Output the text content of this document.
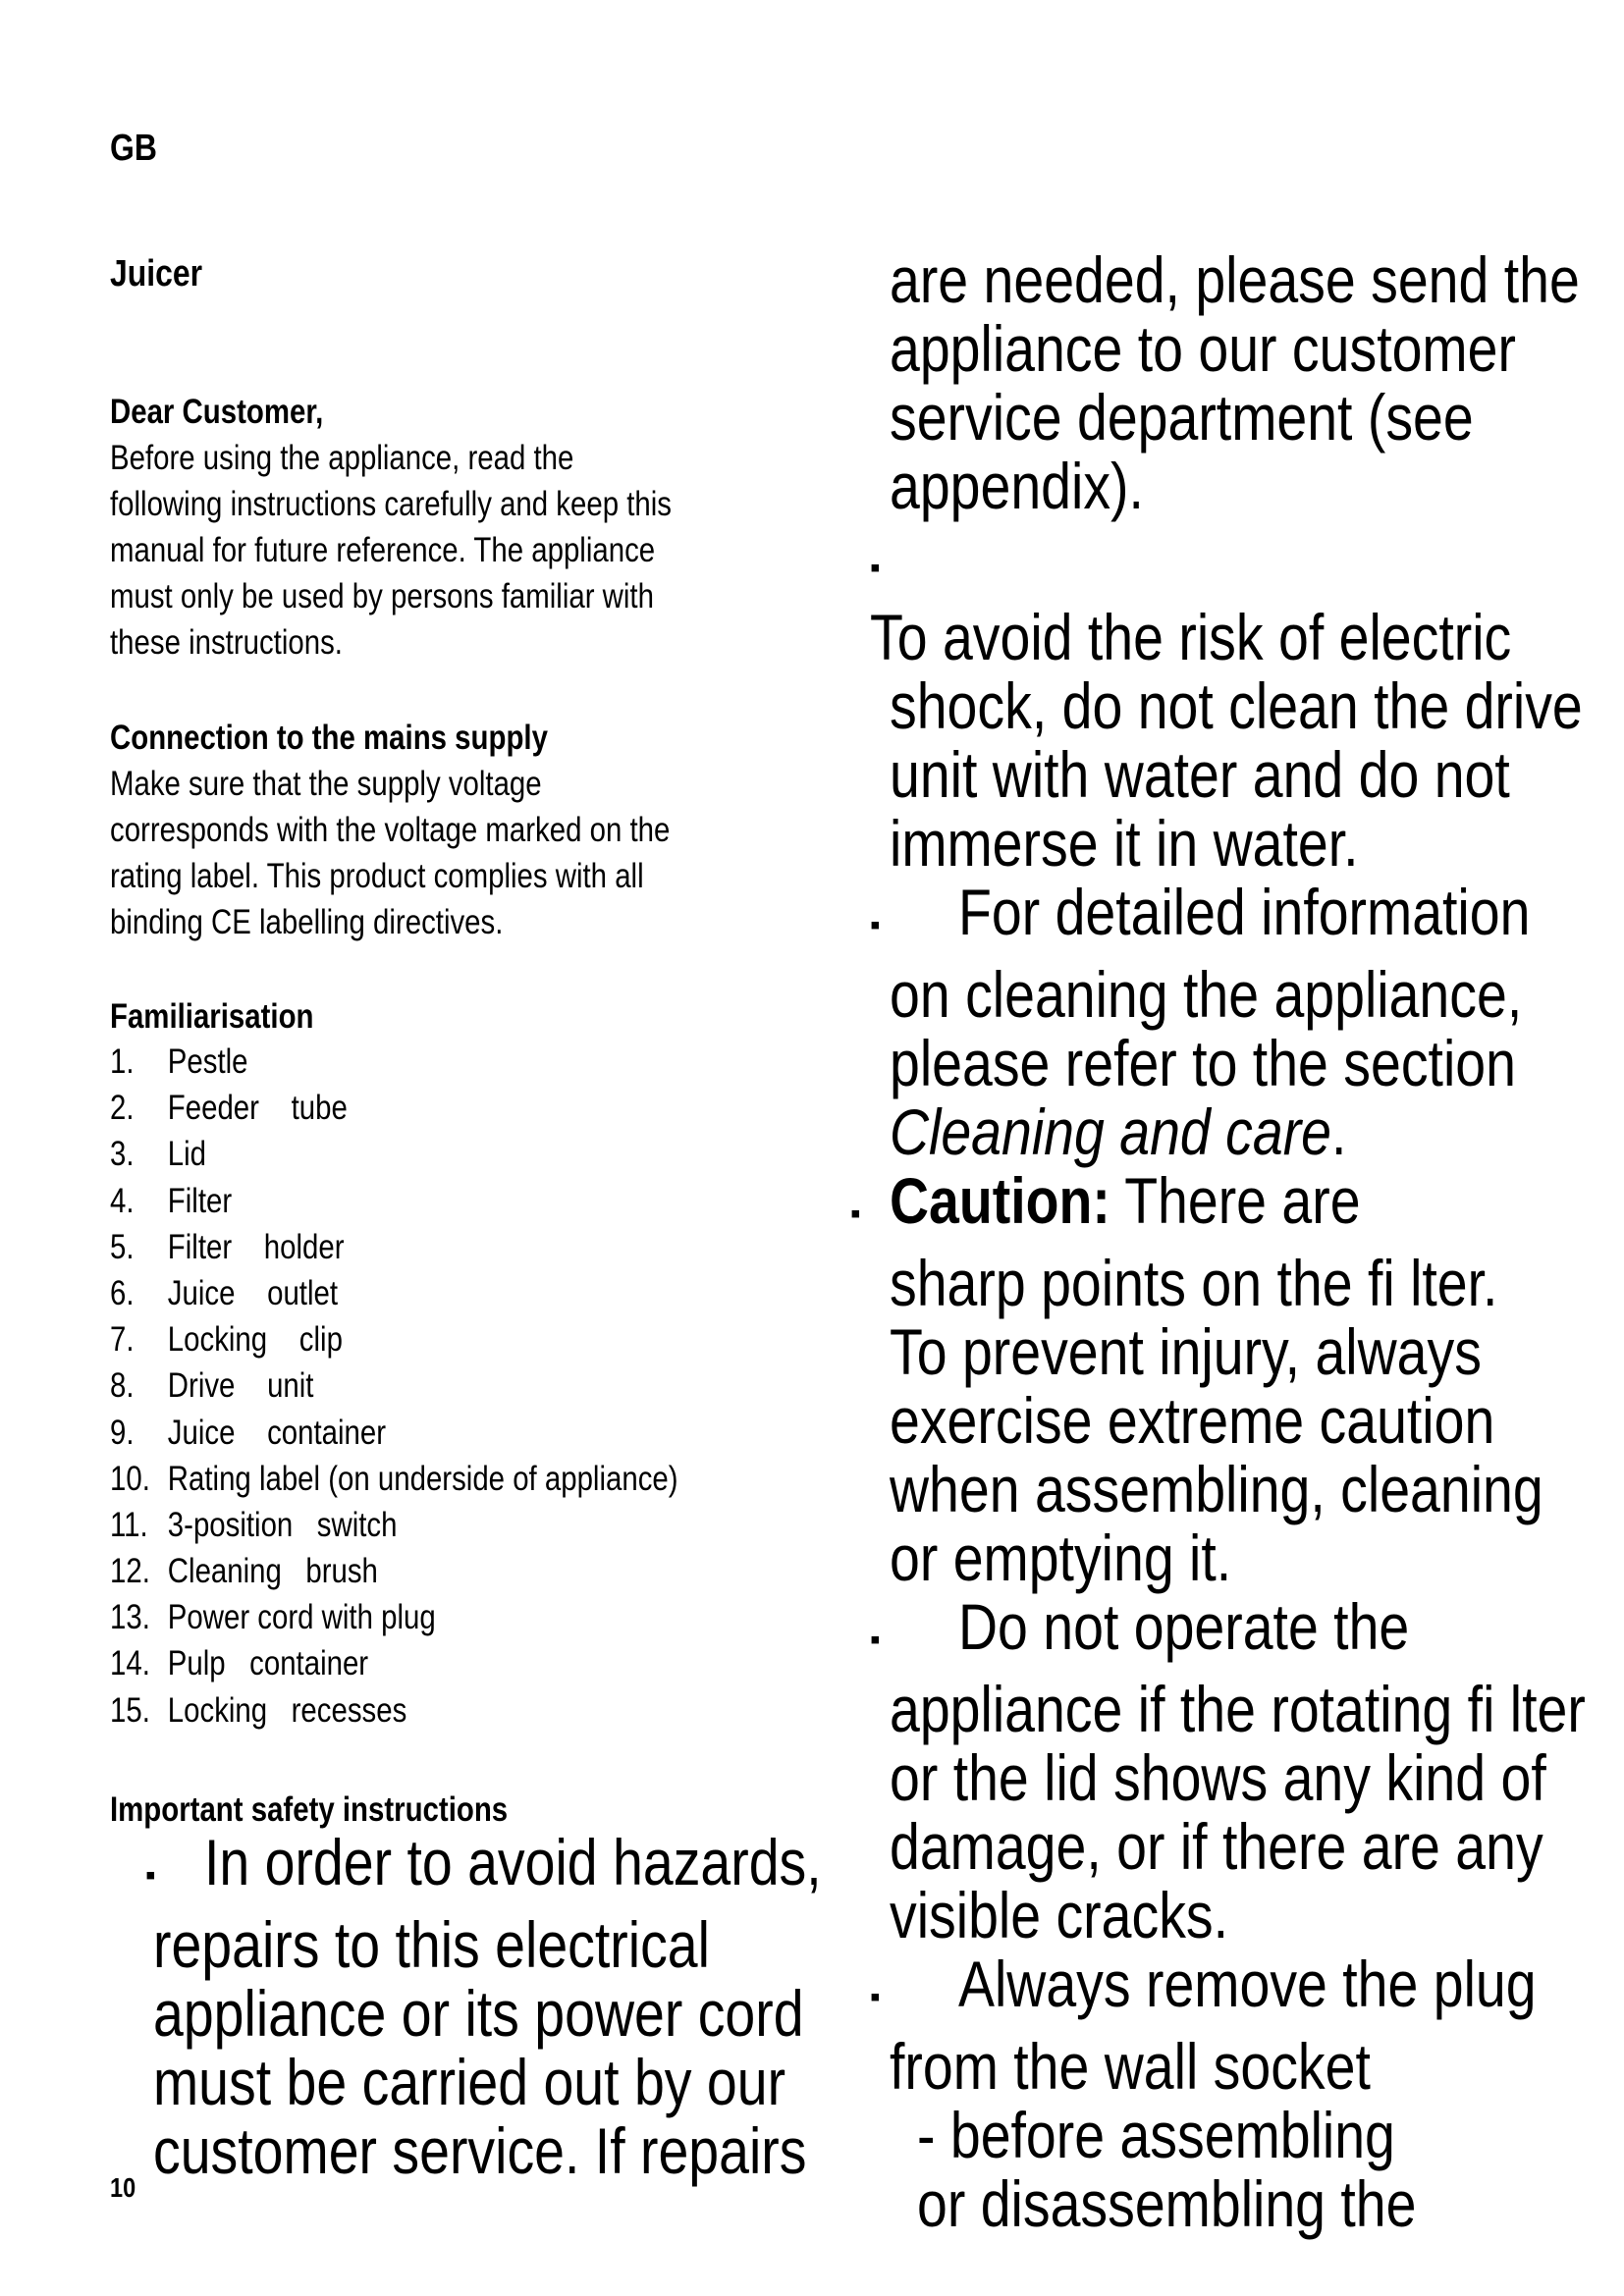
GB
Juicer
Dear Customer,
Before using the appliance, read the
following instructions carefully and keep this
manual for future reference. The appliance
must only be used by persons familiar with
these instructions.
Connection to the mains supply
Make sure that the supply voltage
corresponds with the voltage marked on the
rating label. This product complies with all
binding CE labelling directives.
Familiarisation
1. Pestle
2. Feeder    tube
3. Lid
4. Filter
5. Filter    holder
6. Juice    outlet
7. Locking    clip
8. Drive    unit
9. Juice    container
10. Rating label (on underside of appliance)
11. 3-position   switch
12. Cleaning   brush
13. Power cord with plug
14. Pulp   container
15. Locking   recesses
Important safety instructions
▪ In order to avoid hazards,
repairs to this electrical
appliance or its power cord
must be carried out by our
customer service. If repairs
are needed, please send the
appliance to our customer
service department (see
appendix).
▪To avoid the risk of electric
shock, do not clean the drive
unit with water and do not
immerse it in water.
▪ For detailed information
on cleaning the appliance,
please refer to the section
Cleaning and care.
▪ Caution: There are
sharp points on the fi lter.
To prevent injury, always
exercise extreme caution
when assembling, cleaning
or emptying it.
▪ Do not operate the
appliance if the rotating fi lter
or the lid shows any kind of
damage, or if there are any
visible cracks.
▪ Always remove the plug
from the wall socket
- before assembling
or disassembling the
10
